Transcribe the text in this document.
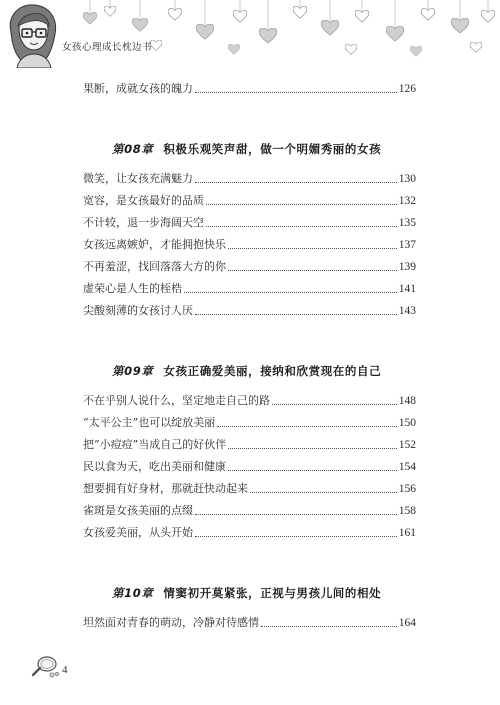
女孩心理成长枕边书
果断，成就女孩的魄力	126
第08章 积极乐观笑声甜，做一个明媚秀丽的女孩
微笑，让女孩充满魅力	130
宽容，是女孩最好的品质	132
不计较，退一步海阔天空	135
女孩远离嫉妒，才能拥抱快乐	137
不再羞涩，找回落落大方的你	139
虚荣心是人生的桎梏	141
尖酸刻薄的女孩讨人厌	143
第09章 女孩正确爱美丽，接纳和欣赏现在的自己
不在乎别人说什么，坚定地走自己的路	148
“太平公主”也可以绽放美丽	150
把“小痘痘”当成自己的好伙伴	152
民以食为天，吃出美丽和健康	154
想要拥有好身材，那就赶快动起来	156
雀斑是女孩美丽的点缀	158
女孩爱美丽，从头开始	161
第10章 情窦初开莫紧张，正视与男孩儿间的相处
坦然面对青春的萌动，冷静对待感情	164
4
